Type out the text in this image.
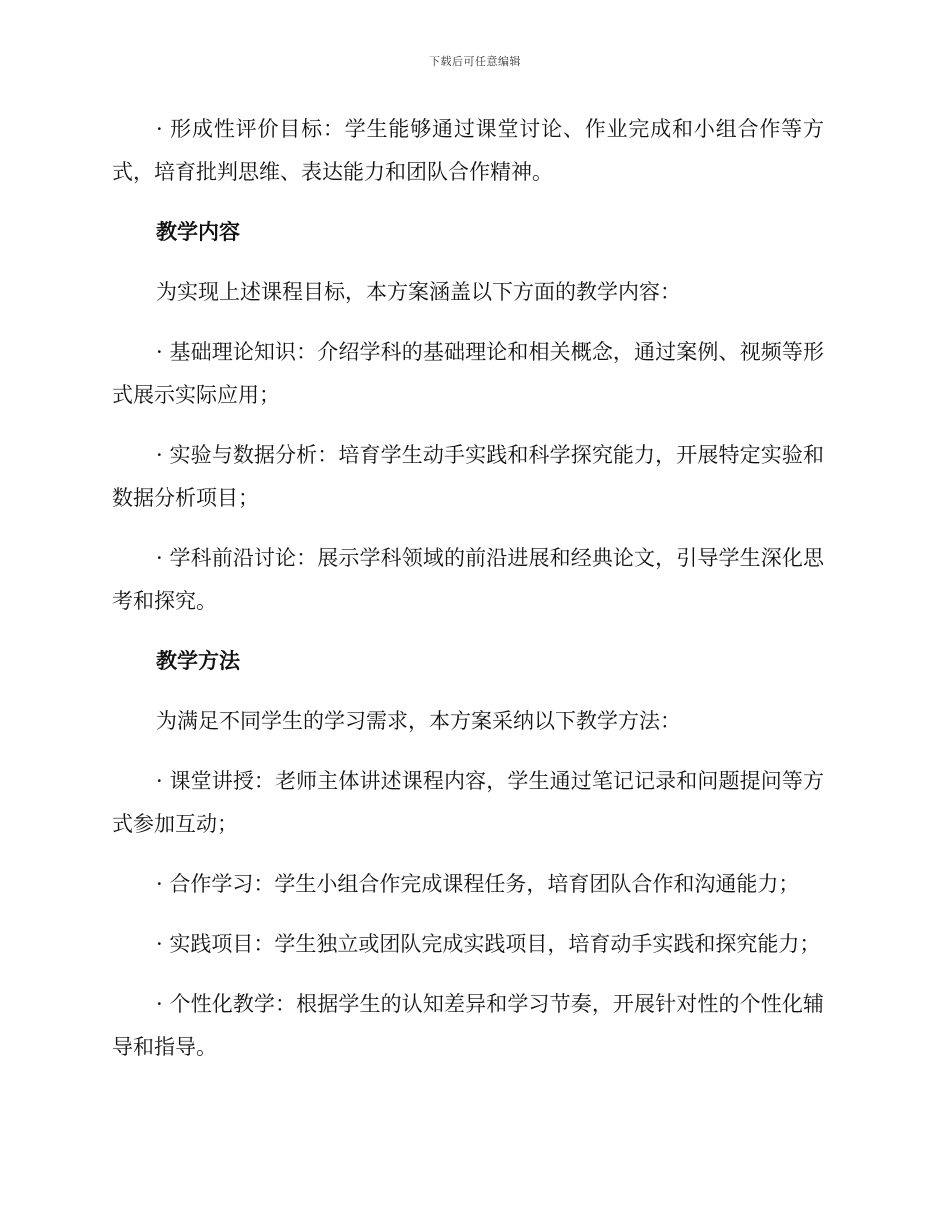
下载后可任意编辑

· 形成性评价目标：学生能够通过课堂讨论、作业完成和小组合作等方式，培育批判思维、表达能力和团队合作精神。

教学内容

为实现上述课程目标，本方案涵盖以下方面的教学内容：

· 基础理论知识：介绍学科的基础理论和相关概念，通过案例、视频等形式展示实际应用；

· 实验与数据分析：培育学生动手实践和科学探究能力，开展特定实验和数据分析项目；

· 学科前沿讨论：展示学科领域的前沿进展和经典论文，引导学生深化思考和探究。

教学方法

为满足不同学生的学习需求，本方案采纳以下教学方法：

· 课堂讲授：老师主体讲述课程内容，学生通过笔记记录和问题提问等方式参加互动；

· 合作学习：学生小组合作完成课程任务，培育团队合作和沟通能力；

· 实践项目：学生独立或团队完成实践项目，培育动手实践和探究能力；

· 个性化教学：根据学生的认知差异和学习节奏，开展针对性的个性化辅导和指导。
